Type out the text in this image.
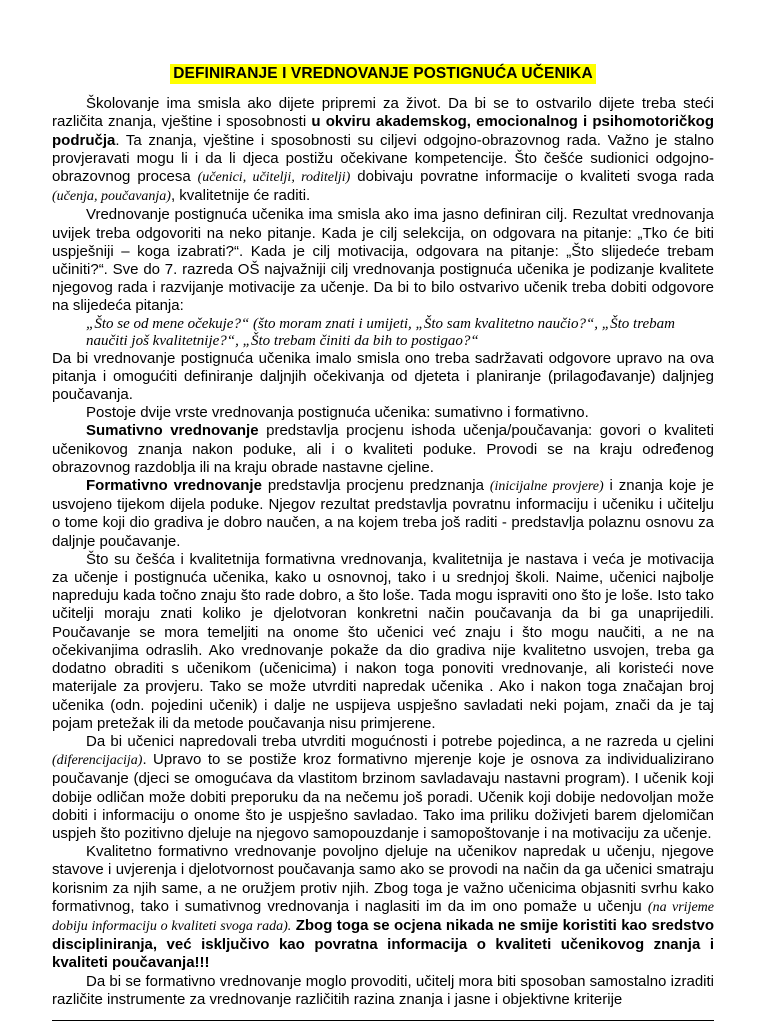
DEFINIRANJE I VREDNOVANJE POSTIGNUĆA UČENIKA

Školovanje ima smisla ako dijete pripremi za život. Da bi se to ostvarilo dijete treba steći različita znanja, vještine i sposobnosti u okviru akademskog, emocionalnog i psihomotoričkog područja. Ta znanja, vještine i sposobnosti su ciljevi odgojno-obrazovnog rada. Važno je stalno provjeravati mogu li i da li djeca postižu očekivane kompetencije. Što češće sudionici odgojno-obrazovnog procesa (učenici, učitelji, roditelji) dobivaju povratne informacije o kvaliteti svoga rada (učenja, poučavanja), kvalitetnije će raditi.

Vrednovanje postignuća učenika ima smisla ako ima jasno definiran cilj. Rezultat vrednovanja uvijek treba odgovoriti na neko pitanje. Kada je cilj selekcija, on odgovara na pitanje: „Tko će biti uspješniji – koga izabrati?“. Kada je cilj motivacija, odgovara na pitanje: „Što slijedeće trebam učiniti?“. Sve do 7. razreda OŠ najvažniji cilj vrednovanja postignuća učenika je podizanje kvalitete njegovog rada i razvijanje motivacije za učenje. Da bi to bilo ostvarivo učenik treba dobiti odgovore na slijedeća pitanja:

„Što se od mene očekuje?“ (što moram znati i umijeti, „Što sam kvalitetno naučio?“, „Što trebam naučiti još kvalitetnije?“, „Što trebam činiti da bih to postigao?“

Da bi vrednovanje postignuća učenika imalo smisla ono treba sadržavati odgovore upravo na ova pitanja i omogućiti definiranje daljnjih očekivanja od djeteta i planiranje (prilagođavanje) daljnjeg poučavanja.

Postoje dvije vrste vrednovanja postignuća učenika: sumativno i formativno.

Sumativno vrednovanje predstavlja procjenu ishoda učenja/poučavanja: govori o kvaliteti učenikovog znanja nakon poduke, ali i o kvaliteti poduke. Provodi se na kraju određenog obrazovnog razdoblja ili na kraju obrade nastavne cjeline.

Formativno vrednovanje predstavlja procjenu predznanja (inicijalne provjere) i znanja koje je usvojeno tijekom dijela poduke. Njegov rezultat predstavlja povratnu informaciju i učeniku i učitelju o tome koji dio gradiva je dobro naučen, a na kojem treba još raditi - predstavlja polaznu osnovu za daljnje poučavanje.

Što su češća i kvalitetnija formativna vrednovanja, kvalitetnija je nastava i veća je motivacija za učenje i postignuća učenika, kako u osnovnoj, tako i u srednjoj školi. Naime, učenici najbolje napreduju kada točno znaju što rade dobro, a što loše. Tada mogu ispraviti ono što je loše. Isto tako učitelji moraju znati koliko je djelotvoran konkretni način poučavanja da bi ga unaprijedili. Poučavanje se mora temeljiti na onome što učenici već znaju i što mogu naučiti, a ne na očekivanjima odraslih. Ako vrednovanje pokaže da dio gradiva nije kvalitetno usvojen, treba ga dodatno obraditi s učenikom (učenicima) i nakon toga ponoviti vrednovanje, ali koristeći nove materijale za provjeru. Tako se može utvrditi napredak učenika . Ako i nakon toga značajan broj učenika (odn. pojedini učenik) i dalje ne uspijeva uspješno savladati neki pojam, znači da je taj pojam pretežak ili da metode poučavanja nisu primjerene.

Da bi učenici napredovali treba utvrditi mogućnosti i potrebe pojedinca, a ne razreda u cjelini (diferencijacija). Upravo to se postiže kroz formativno mjerenje koje je osnova za individualizirano poučavanje (djeci se omogućava da vlastitom brzinom savladavaju nastavni program). I učenik koji dobije odličan može dobiti preporuku da na nečemu još poradi. Učenik koji dobije nedovoljan može dobiti i informaciju o onome što je uspješno savladao. Tako ima priliku doživjeti barem djelomičan uspjeh što pozitivno djeluje na njegovo samopouzdanje i samopoštovanje i na motivaciju za učenje.

Kvalitetno formativno vrednovanje povoljno djeluje na učenikov napredak u učenju, njegove stavove i uvjerenja i djelotvornost poučavanja samo ako se provodi na način da ga učenici smatraju korisnim za njih same, a ne oružjem protiv njih. Zbog toga je važno učenicima objasniti svrhu kako formativnog, tako i sumativnog vrednovanja i naglasiti im da im ono pomaže u učenju (na vrijeme dobiju informaciju o kvaliteti svoga rada). Zbog toga se ocjena nikada ne smije koristiti kao sredstvo discipliniranja, već isključivo kao povratna informacija o kvaliteti učenikovog znanja i kvaliteti poučavanja!!!

Da bi se formativno vrednovanje moglo provoditi, učitelj mora biti sposoban samostalno izraditi različite instrumente za vrednovanje različitih razina znanja i jasne i objektivne kriterije
